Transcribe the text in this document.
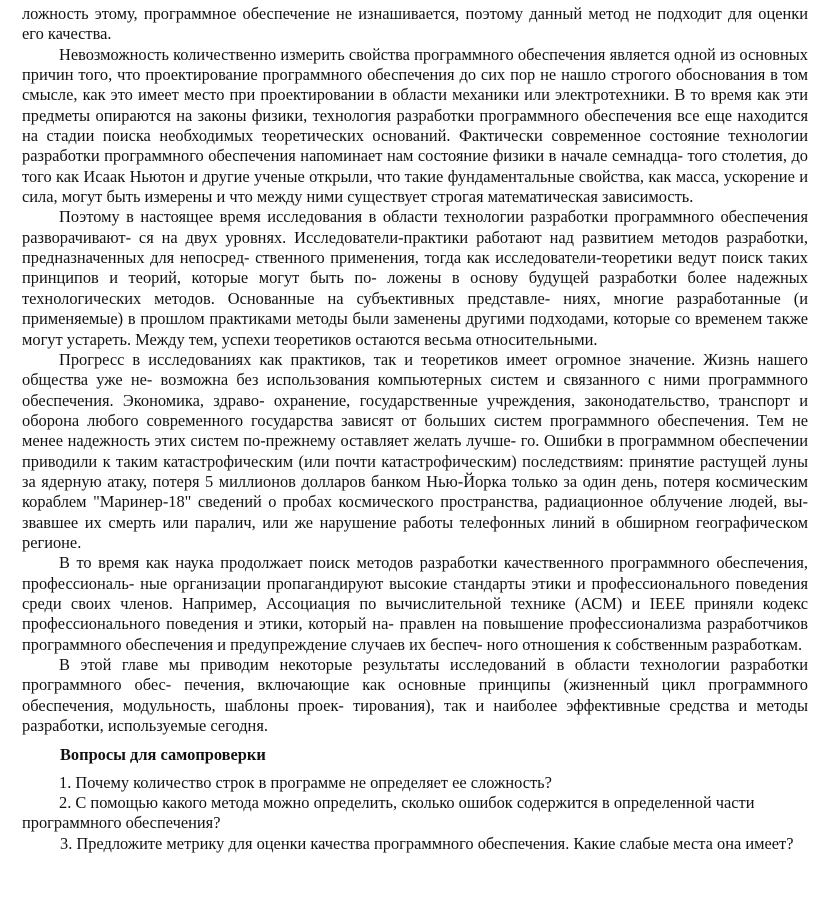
ложность этому, программное обеспечение не изнашивается, поэтому данный метод не подходит для оценки его качества.

Невозможность количественно измерить свойства программного обеспечения является одной из основных причин того, что проектирование программного обеспечения до сих пор не нашло строгого обоснования в том смысле, как это имеет место при проектировании в области механики или электротехники. В то время как эти предметы опираются на законы физики, технология разработки программного обеспечения все еще находится на стадии поиска необходимых теоретических оснований. Фактически современное состояние технологии разработки программного обеспечения напоминает нам состояние физики в начале семнадца- того столетия, до того как Исаак Ньютон и другие ученые открыли, что такие фундаментальные свойства, как масса, ускорение и сила, могут быть измерены и что между ними существует строгая математическая зависимость.

Поэтому в настоящее время исследования в области технологии разработки программного обеспечения разворачивают- ся на двух уровнях. Исследователи-практики работают над развитием методов разработки, предназначенных для непосред- ственного применения, тогда как исследователи-теоретики ведут поиск таких принципов и теорий, которые могут быть по- ложены в основу будущей разработки более надежных технологических методов. Основанные на субъективных представле- ниях, многие разработанные (и применяемые) в прошлом практиками методы были заменены другими подходами, которые со временем также могут устареть. Между тем, успехи теоретиков остаются весьма относительными.

Прогресс в исследованиях как практиков, так и теоретиков имеет огромное значение. Жизнь нашего общества уже не- возможна без использования компьютерных систем и связанного с ними программного обеспечения. Экономика, здраво- охранение, государственные учреждения, законодательство, транспорт и оборона любого современного государства зависят от больших систем программного обеспечения. Тем не менее надежность этих систем по-прежнему оставляет желать лучше- го. Ошибки в программном обеспечении приводили к таким катастрофическим (или почти катастрофическим) последствиям: принятие растущей луны за ядерную атаку, потеря 5 миллионов долларов банком Нью-Йорка только за один день, потеря космическим кораблем "Маринер-18" сведений о пробах космического пространства, радиационное облучение людей, вы- звавшее их смерть или паралич, или же нарушение работы телефонных линий в обширном географическом регионе.

В то время как наука продолжает поиск методов разработки качественного программного обеспечения, профессиональ- ные организации пропагандируют высокие стандарты этики и профессионального поведения среди своих членов. Например, Ассоциация по вычислительной технике (АСМ) и IEEE приняли кодекс профессионального поведения и этики, который на- правлен на повышение профессионализма разработчиков программного обеспечения и предупреждение случаев их беспеч- ного отношения к собственным разработкам.

В этой главе мы приводим некоторые результаты исследований в области технологии разработки программного обес- печения, включающие как основные принципы (жизненный цикл программного обеспечения, модульность, шаблоны проек- тирования), так и наиболее эффективные средства и методы разработки, используемые сегодня.

Вопросы для самопроверки

1. Почему количество строк в программе не определяет ее сложность?

2. С помощью какого метода можно определить, сколько ошибок содержится в определенной части программного обеспечения?

3. Предложите метрику для оценки качества программного обеспечения. Какие слабые места она имеет?
